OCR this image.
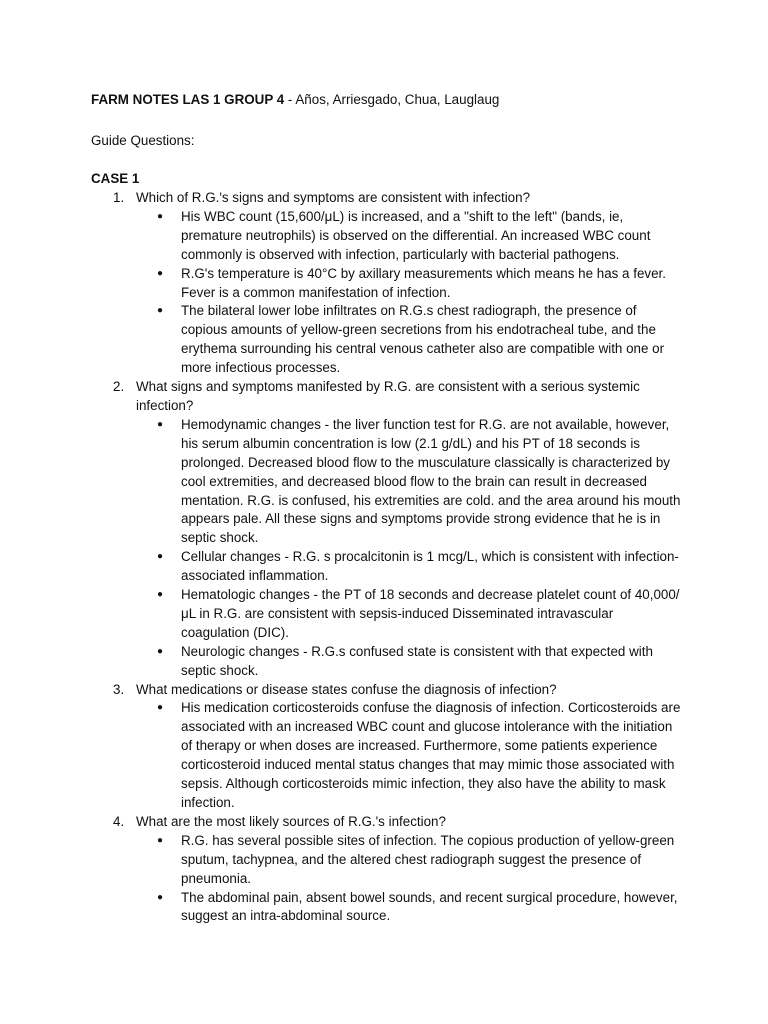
FARM NOTES LAS 1 GROUP 4 - Años, Arriesgado, Chua, Lauglaug

Guide Questions:
CASE 1
1. Which of R.G.'s signs and symptoms are consistent with infection?
● His WBC count (15,600/μL) is increased, and a "shift to the left" (bands, ie, premature neutrophils) is observed on the differential. An increased WBC count commonly is observed with infection, particularly with bacterial pathogens.
● R.G's temperature is 40°C by axillary measurements which means he has a fever. Fever is a common manifestation of infection.
● The bilateral lower lobe infiltrates on R.G.s chest radiograph, the presence of copious amounts of yellow-green secretions from his endotracheal tube, and the erythema surrounding his central venous catheter also are compatible with one or more infectious processes.
2. What signs and symptoms manifested by R.G. are consistent with a serious systemic infection?
● Hemodynamic changes - the liver function test for R.G. are not available, however, his serum albumin concentration is low (2.1 g/dL) and his PT of 18 seconds is prolonged. Decreased blood flow to the musculature classically is characterized by cool extremities, and decreased blood flow to the brain can result in decreased mentation. R.G. is confused, his extremities are cold. and the area around his mouth appears pale. All these signs and symptoms provide strong evidence that he is in septic shock.
● Cellular changes - R.G. s procalcitonin is 1 mcg/L, which is consistent with infection-associated inflammation.
● Hematologic changes - the PT of 18 seconds and decrease platelet count of 40,000/μL in R.G. are consistent with sepsis-induced Disseminated intravascular coagulation (DIC).
● Neurologic changes - R.G.s confused state is consistent with that expected with septic shock.
3. What medications or disease states confuse the diagnosis of infection?
● His medication corticosteroids confuse the diagnosis of infection. Corticosteroids are associated with an increased WBC count and glucose intolerance with the initiation of therapy or when doses are increased. Furthermore, some patients experience corticosteroid induced mental status changes that may mimic those associated with sepsis. Although corticosteroids mimic infection, they also have the ability to mask infection.
4. What are the most likely sources of R.G.'s infection?
● R.G. has several possible sites of infection. The copious production of yellow-green sputum, tachypnea, and the altered chest radiograph suggest the presence of pneumonia.
● The abdominal pain, absent bowel sounds, and recent surgical procedure, however, suggest an intra-abdominal source.
